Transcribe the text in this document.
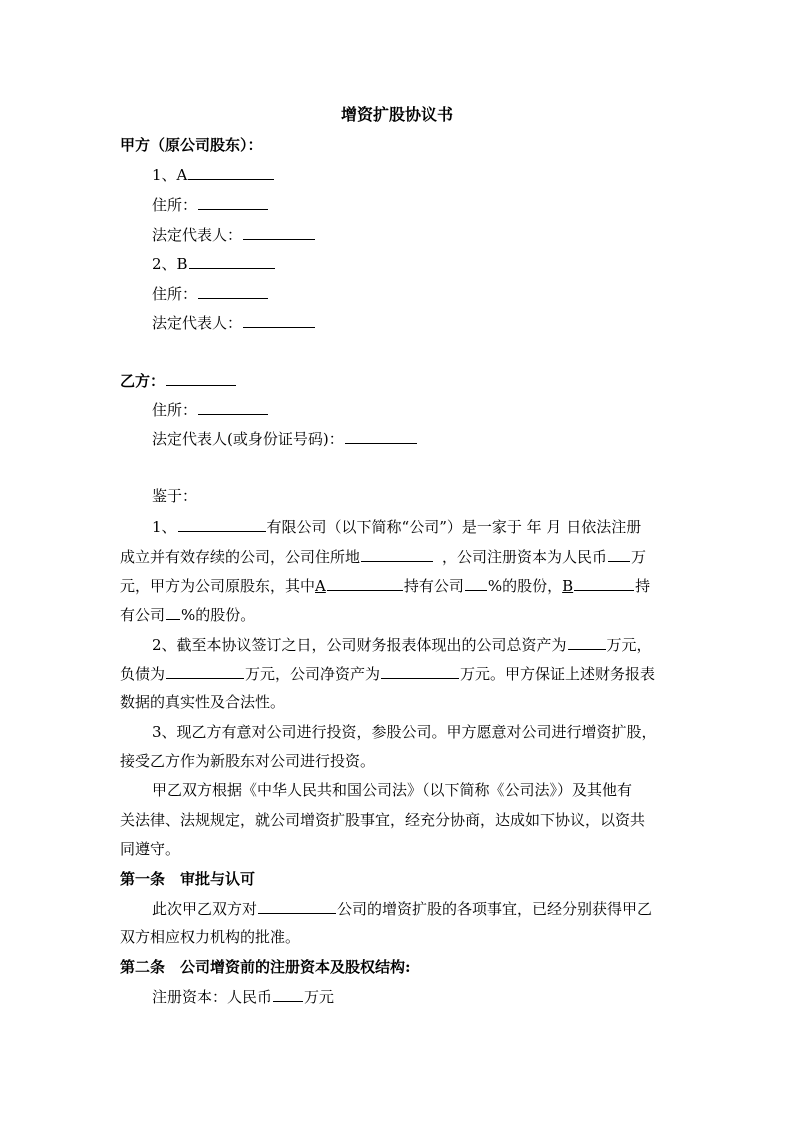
增资扩股协议书
甲方（原公司股东）：
1、A
住所：
法定代表人：
2、B
住所：
法定代表人：
乙方：
住所：
法定代表人(或身份证号码)：
鉴于：
1、	有限公司（以下简称“公司”）是一家于 年 月 日依法注册
成立并有效存续的公司，公司住所地	，公司注册资本为人民币 万
元，甲方为公司原股东，其中A	持有公司 %的股份，B	持
有公司 %的股份。
2、截至本协议签订之日，公司财务报表体现出的公司总资产为	万元，
负债为	万元，公司净资产为	万元。甲方保证上述财务报表
数据的真实性及合法性。
3、现乙方有意对公司进行投资，参股公司。甲方愿意对公司进行增资扩股，
接受乙方作为新股东对公司进行投资。
甲乙双方根据《中华人民共和国公司法》（以下简称《公司法》）及其他有
关法律、法规规定，就公司增资扩股事宜，经充分协商，达成如下协议，以资共
同遵守。
第一条　审批与认可
此次甲乙双方对	公司的增资扩股的各项事宜，已经分别获得甲乙
双方相应权力机构的批准。
第二条　公司增资前的注册资本及股权结构:
注册资本：人民币 万元
